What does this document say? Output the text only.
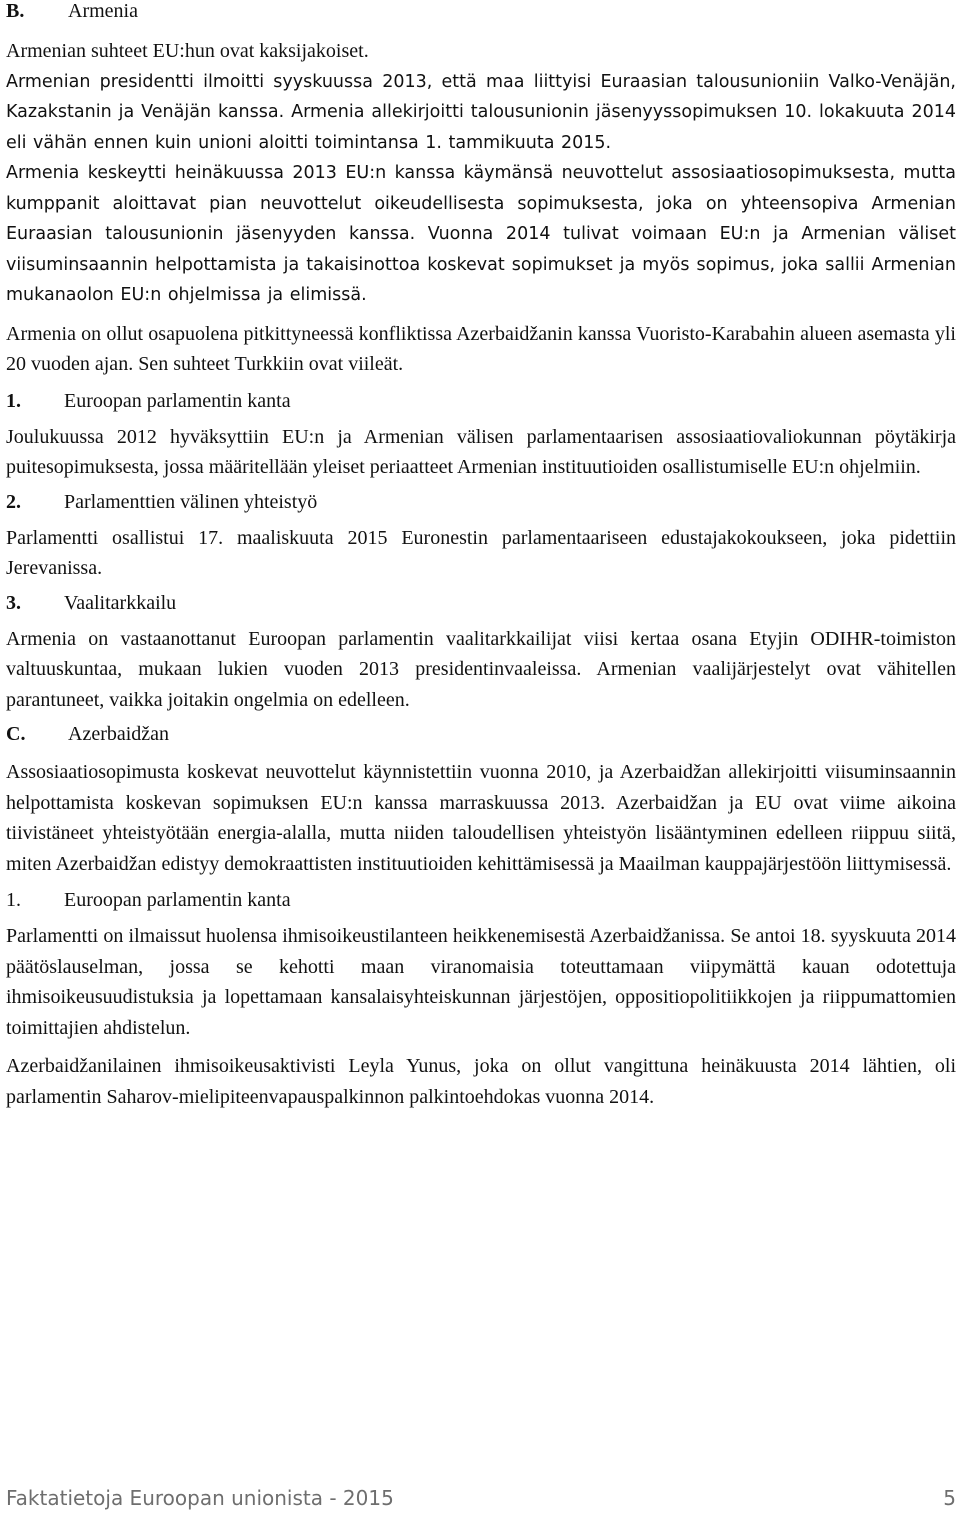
B.	Armenia

Armenian suhteet EU:hun ovat kaksijakoiset.

Armenian presidentti ilmoitti syyskuussa 2013, että maa liittyisi Euraasian talousunioniin Valko-Venäjän, Kazakstanin ja Venäjän kanssa. Armenia allekirjoitti talousunionin jäsenyyssopimuksen 10. lokakuuta 2014 eli vähän ennen kuin unioni aloitti toimintansa 1. tammikuuta 2015.

Armenia keskeytti heinäkuussa 2013 EU:n kanssa käymänsä neuvottelut assosiaatiosopimuksesta, mutta kumppanit aloittavat pian neuvottelut oikeudellisesta sopimuksesta, joka on yhteensopiva Armenian Euraasian talousunionin jäsenyyden kanssa. Vuonna 2014 tulivat voimaan EU:n ja Armenian väliset viisuminsaannin helpottamista ja takaisinottoa koskevat sopimukset ja myös sopimus, joka sallii Armenian mukanaolon EU:n ohjelmissa ja elimissä.

Armenia on ollut osapuolena pitkittyneessä konfliktissa Azerbaidžanin kanssa Vuoristo-Karabahin alueen asemasta yli 20 vuoden ajan. Sen suhteet Turkkiin ovat viileät.

1.	Euroopan parlamentin kanta

Joulukuussa 2012 hyväksyttiin EU:n ja Armenian välisen parlamentaarisen assosiaatiovaliokunnan pöytäkirja puitesopimuksesta, jossa määritellään yleiset periaatteet Armenian instituutioiden osallistumiselle EU:n ohjelmiin.

2.	Parlamenttien välinen yhteistyö

Parlamentti osallistui 17. maaliskuuta 2015 Euronestin parlamentaariseen edustajakokoukseen, joka pidettiin Jerevanissa.

3.	Vaalitarkkailu

Armenia on vastaanottanut Euroopan parlamentin vaalitarkkailijat viisi kertaa osana Etyjin ODIHR-toimiston valtuuskuntaa, mukaan lukien vuoden 2013 presidentinvaaleissa. Armenian vaalijärjestelyt ovat vähitellen parantuneet, vaikka joitakin ongelmia on edelleen.

C.	Azerbaidžan

Assosiaatiosopimusta koskevat neuvottelut käynnistettiin vuonna 2010, ja Azerbaidžan allekirjoitti viisuminsaannin helpottamista koskevan sopimuksen EU:n kanssa marraskuussa 2013. Azerbaidžan ja EU ovat viime aikoina tiivistäneet yhteistyötään energia-alalla, mutta niiden taloudellisen yhteistyön lisääntyminen edelleen riippuu siitä, miten Azerbaidžan edistyy demokraattisten instituutioiden kehittämisessä ja Maailman kauppajärjestöön liittymisessä.

1.	Euroopan parlamentin kanta

Parlamentti on ilmaissut huolensa ihmisoikeustilanteen heikkenemisestä Azerbaidžanissa. Se antoi 18. syyskuuta 2014 päätöslauselman, jossa se kehotti maan viranomaisia toteuttamaan viipymättä kauan odotettuja ihmisoikeusuudistuksia ja lopettamaan kansalaisyhteiskunnan järjestöjen, oppositiopolitiikkojen ja riippumattomien toimittajien ahdistelun.

Azerbaidžanilainen ihmisoikeusaktivisti Leyla Yunus, joka on ollut vangittuna heinäkuusta 2014 lähtien, oli parlamentin Saharov-mielipiteenvapauspalkinnon palkintoehdokas vuonna 2014.

Faktatietoja Euroopan unionista - 2015	5
